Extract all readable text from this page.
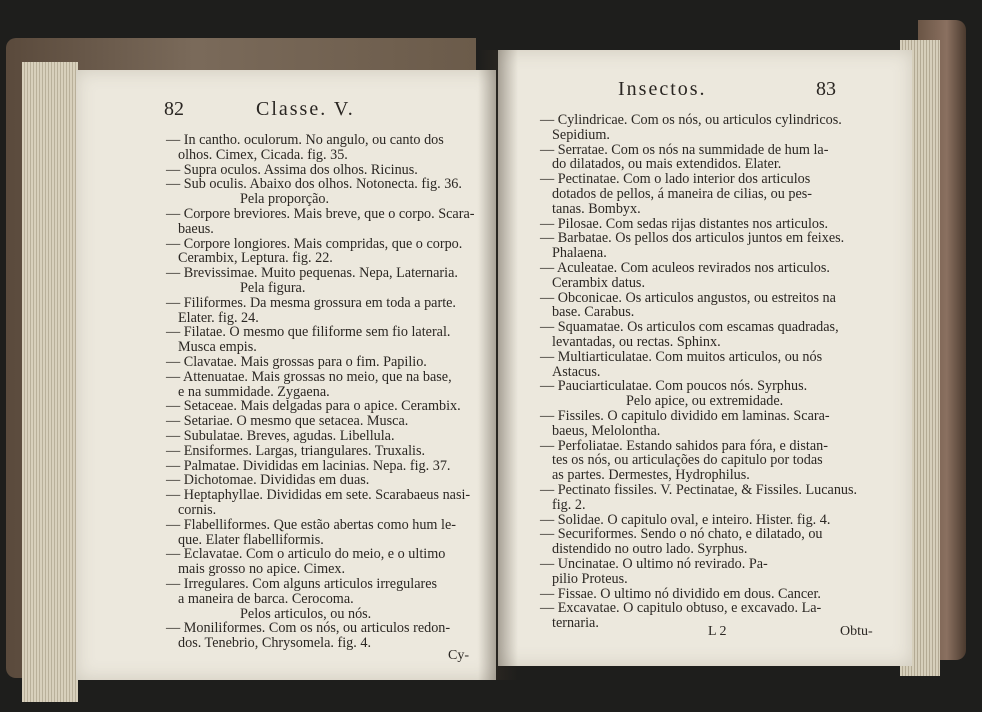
82	Classe. V.
— In cantho. oculorum. No angulo, ou canto dos
olhos. Cimex, Cicada. fig. 35.
— Supra oculos. Assima dos olhos. Ricinus.
— Sub oculis. Abaixo dos olhos. Notonecta. fig. 36.
Pela proporção.
— Corpore breviores. Mais breve, que o corpo. Scara-
baeus.
— Corpore longiores. Mais compridas, que o corpo.
Cerambix, Leptura. fig. 22.
— Brevissimae. Muito pequenas. Nepa, Laternaria.
Pela figura.
— Filiformes. Da mesma grossura em toda a parte.
Elater. fig. 24.
— Filatae. O mesmo que filiforme sem fio lateral.
Musca empis.
— Clavatae. Mais grossas para o fim. Papilio.
— Attenuatae. Mais grossas no meio, que na base,
e na summidade. Zygaena.
— Setaceae. Mais delgadas para o apice. Cerambix.
— Setariae. O mesmo que setacea. Musca.
— Subulatae. Breves, agudas. Libellula.
— Ensiformes. Largas, triangulares. Truxalis.
— Palmatae. Divididas em lacinias. Nepa. fig. 37.
— Dichotomae. Divididas em duas.
— Heptaphyllae. Divididas em sete. Scarabaeus nasi-
cornis.
— Flabelliformes. Que estão abertas como hum le-
que. Elater flabelliformis.
— Eclavatae. Com o articulo do meio, e o ultimo
mais grosso no apice. Cimex.
— Irregulares. Com alguns articulos irregulares
a maneira de barca. Cerocoma.
Pelos articulos, ou nós.
— Moniliformes. Com os nós, ou articulos redon-
dos. Tenebrio, Chrysomela. fig. 4.
Cy-
Insectos.	83
— Cylindricae. Com os nós, ou articulos cylindricos.
Sepidium.
— Serratae. Com os nós na summidade de hum la-
do dilatados, ou mais extendidos. Elater.
— Pectinatae. Com o lado interior dos articulos
dotados de pellos, á maneira de cilias, ou pes-
tanas. Bombyx.
— Pilosae. Com sedas rijas distantes nos articulos.
— Barbatae. Os pellos dos articulos juntos em feixes.
Phalaena.
— Aculeatae. Com aculeos revirados nos articulos.
Cerambix datus.
— Obconicae. Os articulos angustos, ou estreitos na
base. Carabus.
— Squamatae. Os articulos com escamas quadradas,
levantadas, ou rectas. Sphinx.
— Multiarticulatae. Com muitos articulos, ou nós
Astacus.
— Pauciarticulatae. Com poucos nós. Syrphus.
Pelo apice, ou extremidade.
— Fissiles. O capitulo dividido em laminas. Scara-
baeus, Melolontha.
— Perfoliatae. Estando sahidos para fóra, e distan-
tes os nós, ou articulações do capitulo por todas
as partes. Dermestes, Hydrophilus.
— Pectinato fissiles. V. Pectinatae, & Fissiles. Lucanus.
fig. 2.
— Solidae. O capitulo oval, e inteiro. Hister. fig. 4.
— Securiformes. Sendo o nó chato, e dilatado, ou
distendido no outro lado. Syrphus.
— Uncinatae. O ultimo nó revirado. Pa-
pilio Proteus.
— Fissae. O ultimo nó dividido em dous. Cancer.
— Excavatae. O capitulo obtuso, e excavado. La-
ternaria.
L 2	Obtu-
